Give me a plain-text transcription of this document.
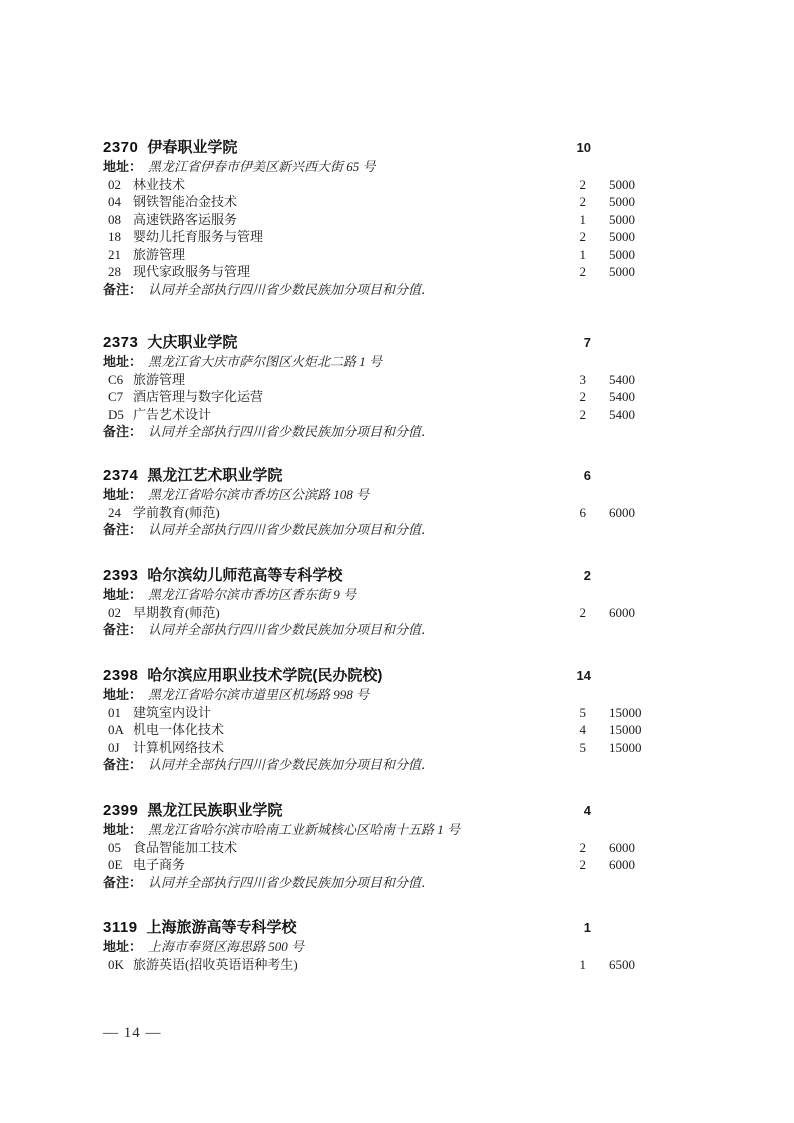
2370 伊春职业学院	10
地址： 黑龙江省伊春市伊美区新兴西大街 65 号
02 林业技术	2 5000
04 钢铁智能冶金技术	2 5000
08 高速铁路客运服务	1 5000
18 婴幼儿托育服务与管理	2 5000
21 旅游管理	1 5000
28 现代家政服务与管理	2 5000
备注： 认同并全部执行四川省少数民族加分项目和分值．
2373 大庆职业学院	7
地址： 黑龙江省大庆市萨尔图区火炬北二路 1 号
C6 旅游管理	3 5400
C7 酒店管理与数字化运营	2 5400
D5 广告艺术设计	2 5400
备注： 认同并全部执行四川省少数民族加分项目和分值．
2374 黑龙江艺术职业学院	6
地址： 黑龙江省哈尔滨市香坊区公滨路 108 号
24 学前教育(师范)	6 6000
备注： 认同并全部执行四川省少数民族加分项目和分值．
2393 哈尔滨幼儿师范高等专科学校	2
地址： 黑龙江省哈尔滨市香坊区香东街 9 号
02 早期教育(师范)	2 6000
备注： 认同并全部执行四川省少数民族加分项目和分值．
2398 哈尔滨应用职业技术学院(民办院校)	14
地址： 黑龙江省哈尔滨市道里区机场路 998 号
01 建筑室内设计	5 15000
0A 机电一体化技术	4 15000
0J 计算机网络技术	5 15000
备注： 认同并全部执行四川省少数民族加分项目和分值．
2399 黑龙江民族职业学院	4
地址： 黑龙江省哈尔滨市哈南工业新城核心区哈南十五路 1 号
05 食品智能加工技术	2 6000
0E 电子商务	2 6000
备注： 认同并全部执行四川省少数民族加分项目和分值．
3119 上海旅游高等专科学校	1
地址： 上海市奉贤区海思路 500 号
0K 旅游英语(招收英语语种考生)	1 6500
— 14 —
